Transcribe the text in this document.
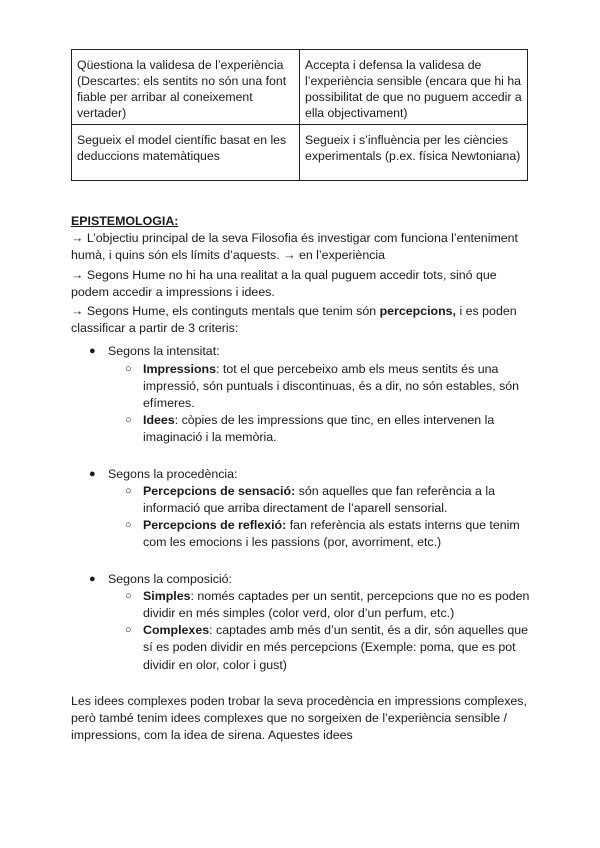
Qüestiona la validesa de l’experiència (Descartes: els sentits no són una font fiable per arribar al coneixement vertader)	Accepta i defensa la validesa de l’experiència sensible (encara que hi ha possibilitat de que no puguem accedir a ella objectivament)
Segueix el model científic basat en les deduccions matemàtiques	Segueix i s’influència per les ciències experimentals (p.ex. física Newtoniana)

EPISTEMOLOGIA:

→ L’objectiu principal de la seva Filosofia és investigar com funciona l’enteniment humà, i quins són els límits d’aquests. → en l’experiència

→ Segons Hume no hi ha una realitat a la qual puguem accedir tots, sinó que podem accedir a impressions i idees.

→ Segons Hume, els continguts mentals que tenim són percepcions, i es poden classificar a partir de 3 criteris:

● Segons la intensitat:
○ Impressions: tot el que percebeixo amb els meus sentits és una impressió, són puntuals i discontinuas, és a dir, no són estables, són efímeres.
○ Idees: còpies de les impressions que tinc, en elles intervenen la imaginació i la memòria.
● Segons la procedència:
○ Percepcions de sensació: són aquelles que fan referència a la informació que arriba directament de l’aparell sensorial.
○ Percepcions de reflexió: fan referència als estats interns que tenim com les emocions i les passions (por, avorriment, etc.)
● Segons la composició:
○ Simples: només captades per un sentit, percepcions que no es poden dividir en més simples (color verd, olor d’un perfum, etc.)
○ Complexes: captades amb més d’un sentit, és a dir, són aquelles que sí es poden dividir en més percepcions (Exemple: poma, que es pot dividir en olor, color i gust)

Les idees complexes poden trobar la seva procedència en impressions complexes, però també tenim idees complexes que no sorgeixen de l’experiència sensible / impressions, com la idea de sirena. Aquestes idees
